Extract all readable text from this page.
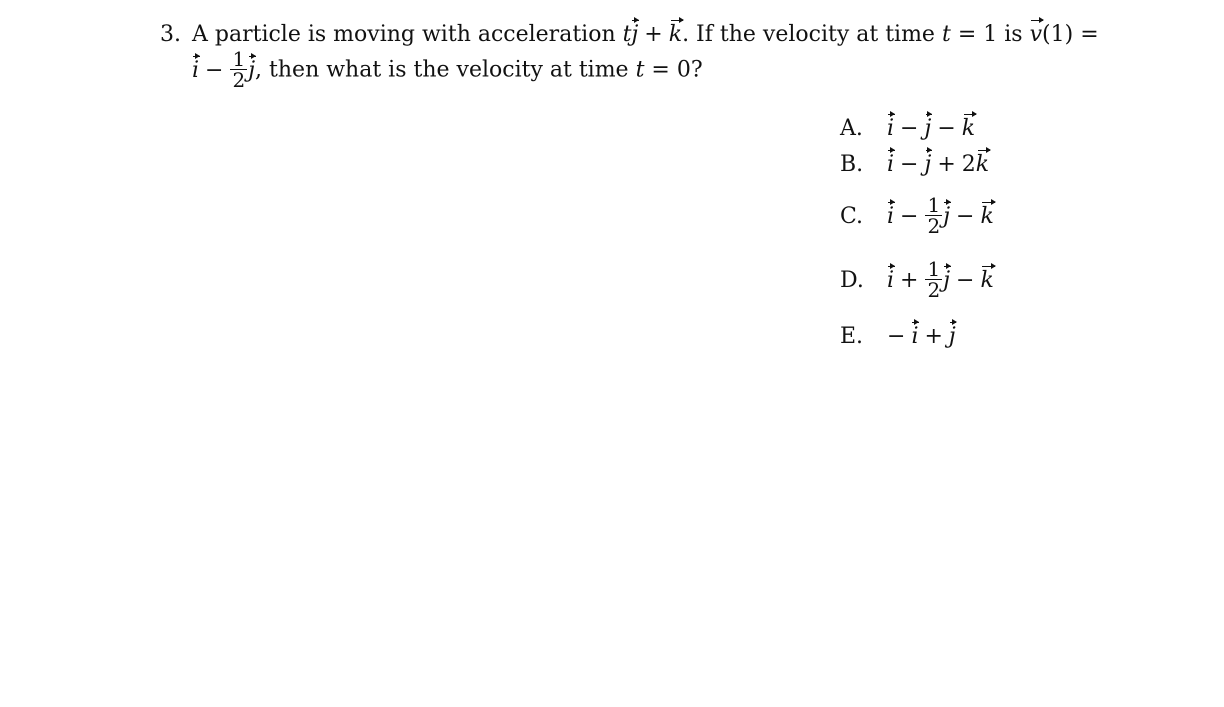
3. A particle is moving with acceleration tj + k. If the velocity at time t = 1 is v(1) =
$i - \frac{1}{2} j$, then what is the velocity at time t = 0?
A. i − j − k
B. i − j + 2k
C. $i - \frac{1}{2}$ j − k
D. $i + \frac{1}{2}$ j − k
E. − i + j
